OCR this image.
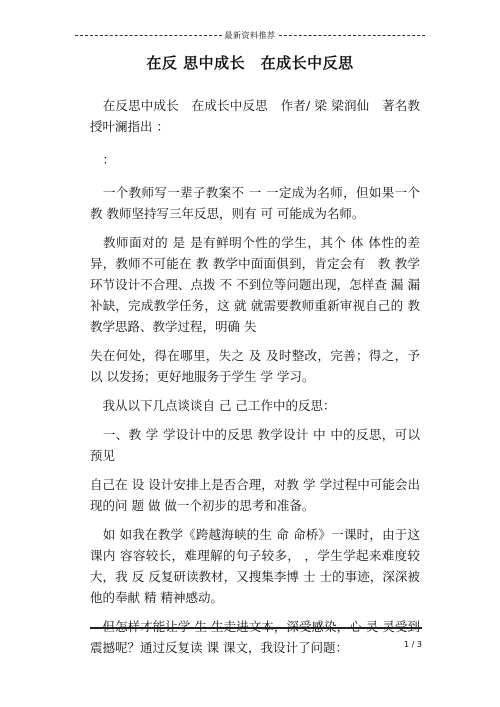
最新资料推荐
在反 思中成长　在成长中反思

　在反思中成长　在成长中反思　作者/ 梁 梁润仙　著名教授叶澜指出 ：

　：

　一个教师写一辈子教案不 一 一定成为名师，但如果一个　教 教师坚持写三年反思，则有 可 可能成为名师。

　教师面对的 是 是有鲜明个性的学生，其个 体 体性的差异，教师不可能在 教 教学中面面俱到，肯定会有　教 教学环节设计不合理、点拨 不 不到位等问题出现，怎样查 漏 漏补缺，完成教学任务，这 就 就需要教师重新审视自己的 教 教学思路、教学过程，明确 失

失在何处，得在哪里，失之 及 及时整改，完善；得之，予 以 以发扬；更好地服务于学生 学 学习。

　我从以下几点谈谈自 己 己工作中的反思：

　一、教 学 学设计中的反思 教学设计 中 中的反思，可以预见

自己在 设 设计安排上是否合理，对教 学 学过程中可能会出现的问 题 做 做一个初步的思考和准备。

　如 如我在教学《跨越海峡的生 命 命桥》一课时，由于这课内 容容较长，难理解的句子较多， ，学生学起来难度较大，我 反 反复研读教材，又搜集李博 士 士的事迹，深深被他的奉献 精 精神感动。

　但怎样才能让学 生 生走进文本，深受感染，心 灵 灵受到震撼呢？通过反复读 课 课文，我设计了问题：	1 / 3
